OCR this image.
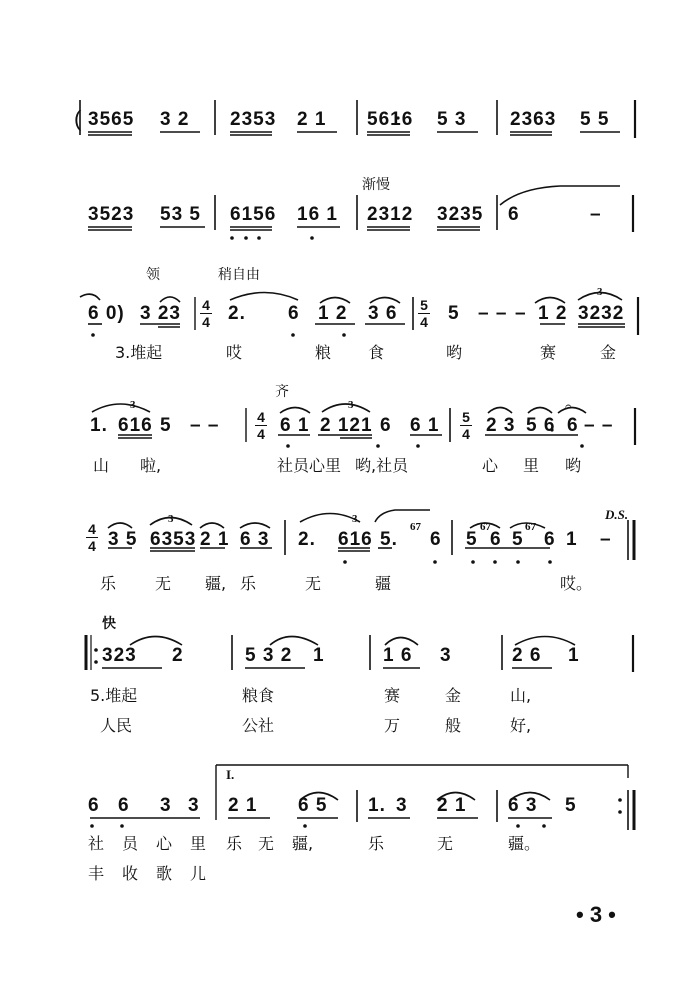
( 3565 3 2 2353 2 1 5616 5 3 2363 5 5
渐慢
3523 53 5 6156 16 1 2312 3235 6	–
领	稍自由
6 0) 3 23 4
4 2. 6 1 2 3 6 5
4 5 – – – 1 2 3232
3
3.堆起	哎	粮 食	哟	赛	金
齐
1. 616
3
5 – –	4
4 6 1 2 121
3
6 6 1 5
4 2 3 5 6 6
𝄐
– –
山 啦,	社员心里 哟,社员	心 里 哟
4
4
D.S.
3 5 6353
3
2 1 6 3 2. 616
3
5.
67
6 5
67
6 5
67
6 1 –
乐 无 疆, 乐	无	疆	哎。
快
323 2	5 3 2 1	1 6 3	2 6 1
5.堆起	粮食	赛	金	山,
人民	公社	万	般	好,
I.
6 6 3 3 2 1 6 5 1. 3 2 1 6 3 5
社 员 心 里 乐 无 疆,	乐	无	疆。
丰 收 歌 儿
• 3 •
